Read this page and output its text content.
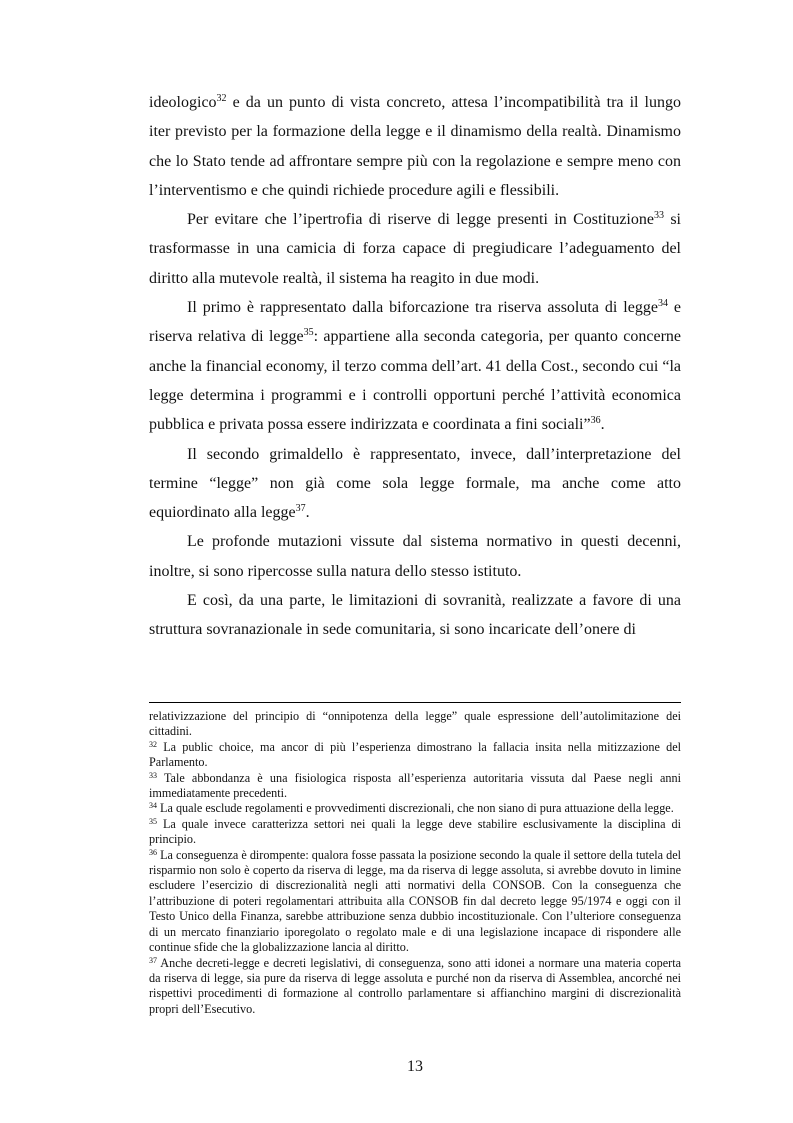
ideologico$^{32}$ e da un punto di vista concreto, attesa l’incompatibilità tra il lungo iter previsto per la formazione della legge e il dinamismo della realtà. Dinamismo che lo Stato tende ad affrontare sempre più con la regolazione e sempre meno con l’interventismo e che quindi richiede procedure agili e flessibili.

Per evitare che l’ipertrofia di riserve di legge presenti in Costituzione$^{33}$ si trasformasse in una camicia di forza capace di pregiudicare l’adeguamento del diritto alla mutevole realtà, il sistema ha reagito in due modi.

Il primo è rappresentato dalla biforcazione tra riserva assoluta di legge$^{34}$ e riserva relativa di legge$^{35}$: appartiene alla seconda categoria, per quanto concerne anche la financial economy, il terzo comma dell’art. 41 della Cost., secondo cui “la legge determina i programmi e i controlli opportuni perché l’attività economica pubblica e privata possa essere indirizzata e coordinata a fini sociali”$^{36}$.

Il secondo grimaldello è rappresentato, invece, dall’interpretazione del termine “legge” non già come sola legge formale, ma anche come atto equiordinato alla legge$^{37}$.

Le profonde mutazioni vissute dal sistema normativo in questi decenni, inoltre, si sono ripercosse sulla natura dello stesso istituto.

E così, da una parte, le limitazioni di sovranità, realizzate a favore di una struttura sovranazionale in sede comunitaria, si sono incaricate dell’onere di

relativizzazione del principio di “onnipotenza della legge” quale espressione dell’autolimitazione dei cittadini.

$^{32}$ La public choice, ma ancor di più l’esperienza dimostrano la fallacia insita nella mitizzazione del Parlamento.

$^{33}$ Tale abbondanza è una fisiologica risposta all’esperienza autoritaria vissuta dal Paese negli anni immediatamente precedenti.

$^{34}$ La quale esclude regolamenti e provvedimenti discrezionali, che non siano di pura attuazione della legge.

$^{35}$ La quale invece caratterizza settori nei quali la legge deve stabilire esclusivamente la disciplina di principio.

$^{36}$ La conseguenza è dirompente: qualora fosse passata la posizione secondo la quale il settore della tutela del risparmio non solo è coperto da riserva di legge, ma da riserva di legge assoluta, si avrebbe dovuto in limine escludere l’esercizio di discrezionalità negli atti normativi della CONSOB. Con la conseguenza che l’attribuzione di poteri regolamentari attribuita alla CONSOB fin dal decreto legge 95/1974 e oggi con il Testo Unico della Finanza, sarebbe attribuzione senza dubbio incostituzionale. Con l’ulteriore conseguenza di un mercato finanziario iporegolato o regolato male e di una legislazione incapace di rispondere alle continue sfide che la globalizzazione lancia al diritto.

$^{37}$ Anche decreti-legge e decreti legislativi, di conseguenza, sono atti idonei a normare una materia coperta da riserva di legge, sia pure da riserva di legge assoluta e purché non da riserva di Assemblea, ancorché nei rispettivi procedimenti di formazione al controllo parlamentare si affianchino margini di discrezionalità propri dell’Esecutivo.

13
